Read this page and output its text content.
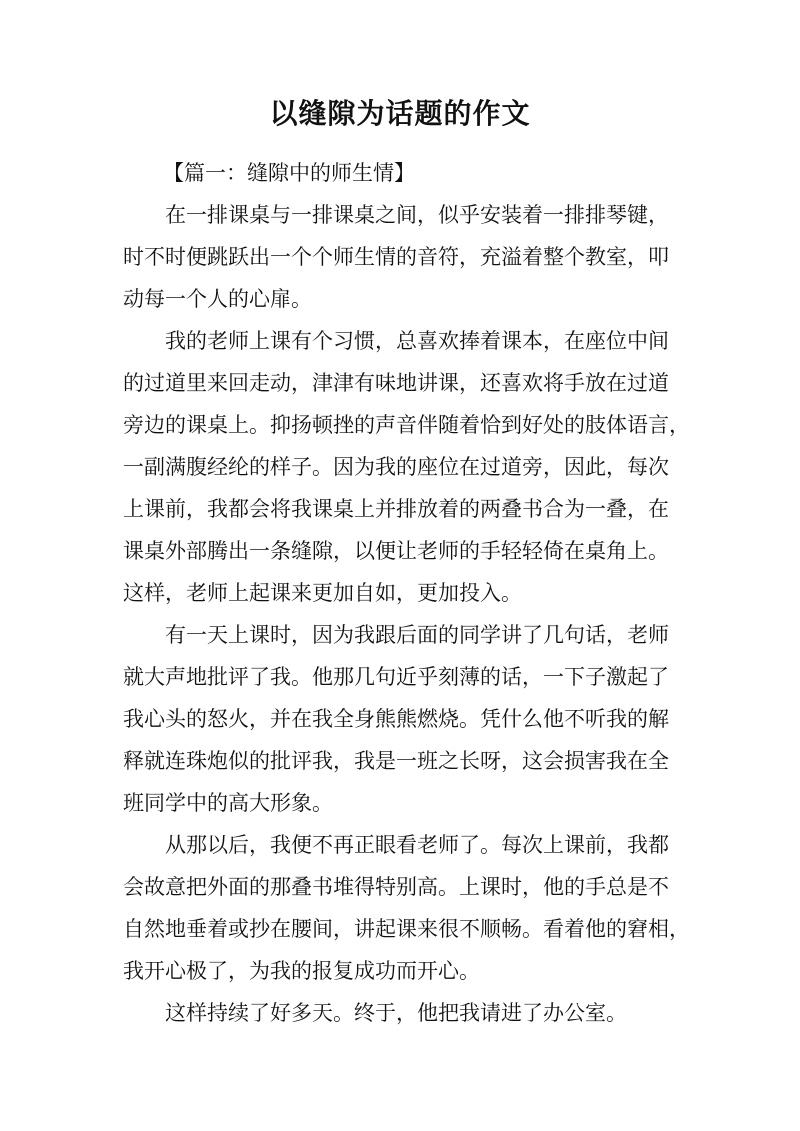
以缝隙为话题的作文

【篇一：缝隙中的师生情】

在一排课桌与一排课桌之间，似乎安装着一排排琴键，
时不时便跳跃出一个个师生情的音符，充溢着整个教室，叩
动每一个人的心扉。

我的老师上课有个习惯，总喜欢捧着课本，在座位中间
的过道里来回走动，津津有味地讲课，还喜欢将手放在过道
旁边的课桌上。抑扬顿挫的声音伴随着恰到好处的肢体语言，
一副满腹经纶的样子。因为我的座位在过道旁，因此，每次
上课前，我都会将我课桌上并排放着的两叠书合为一叠，在
课桌外部腾出一条缝隙，以便让老师的手轻轻倚在桌角上。
这样，老师上起课来更加自如，更加投入。

有一天上课时，因为我跟后面的同学讲了几句话，老师
就大声地批评了我。他那几句近乎刻薄的话，一下子激起了
我心头的怒火，并在我全身熊熊燃烧。凭什么他不听我的解
释就连珠炮似的批评我，我是一班之长呀，这会损害我在全
班同学中的高大形象。

从那以后，我便不再正眼看老师了。每次上课前，我都
会故意把外面的那叠书堆得特别高。上课时，他的手总是不
自然地垂着或抄在腰间，讲起课来很不顺畅。看着他的窘相，
我开心极了，为我的报复成功而开心。

这样持续了好多天。终于，他把我请进了办公室。
